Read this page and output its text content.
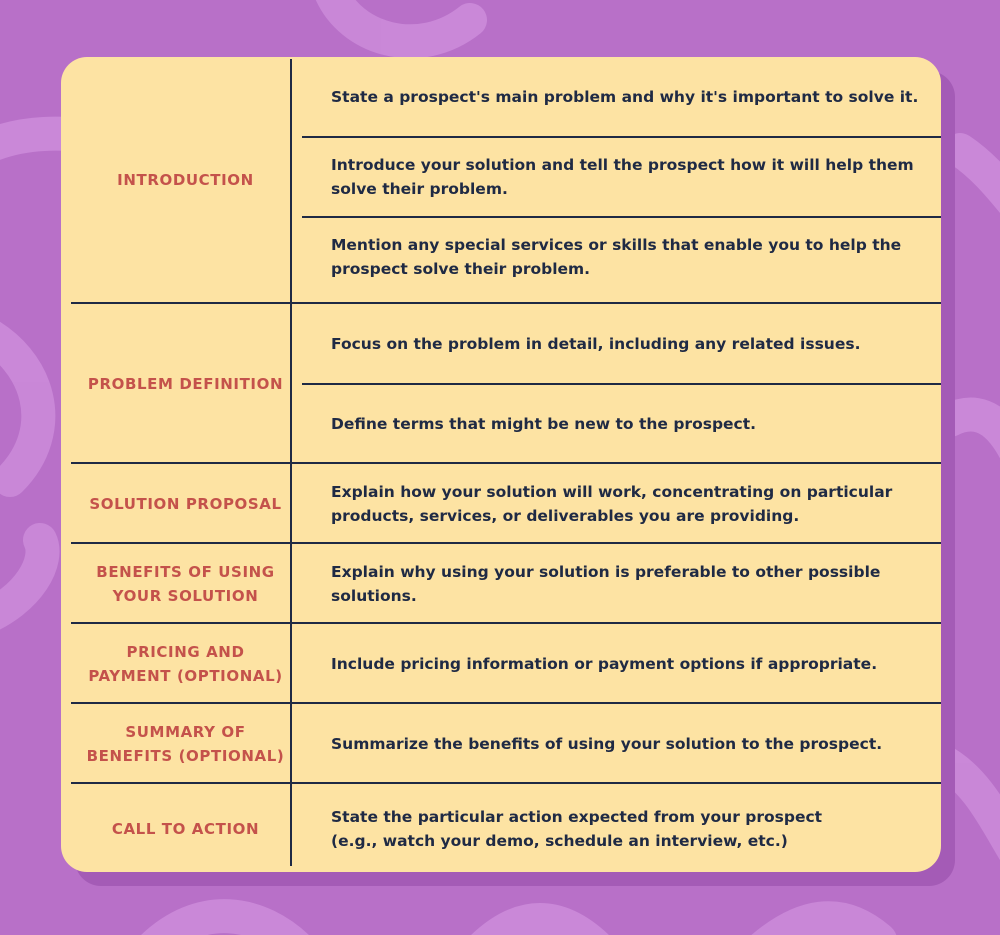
INTRODUCTION
State a prospect's main problem and why it's important to solve it.
Introduce your solution and tell the prospect how it will help them solve their problem.
Mention any special services or skills that enable you to help the prospect solve their problem.
PROBLEM DEFINITION
Focus on the problem in detail, including any related issues.
Define terms that might be new to the prospect.
SOLUTION PROPOSAL
Explain how your solution will work, concentrating on particular products, services, or deliverables you are providing.
BENEFITS OF USING YOUR SOLUTION
Explain why using your solution is preferable to other possible solutions.
PRICING AND PAYMENT (OPTIONAL)
Include pricing information or payment options if appropriate.
SUMMARY OF BENEFITS (OPTIONAL)
Summarize the benefits of using your solution to the prospect.
CALL TO ACTION
State the particular action expected from your prospect
(e.g., watch your demo, schedule an interview, etc.)
